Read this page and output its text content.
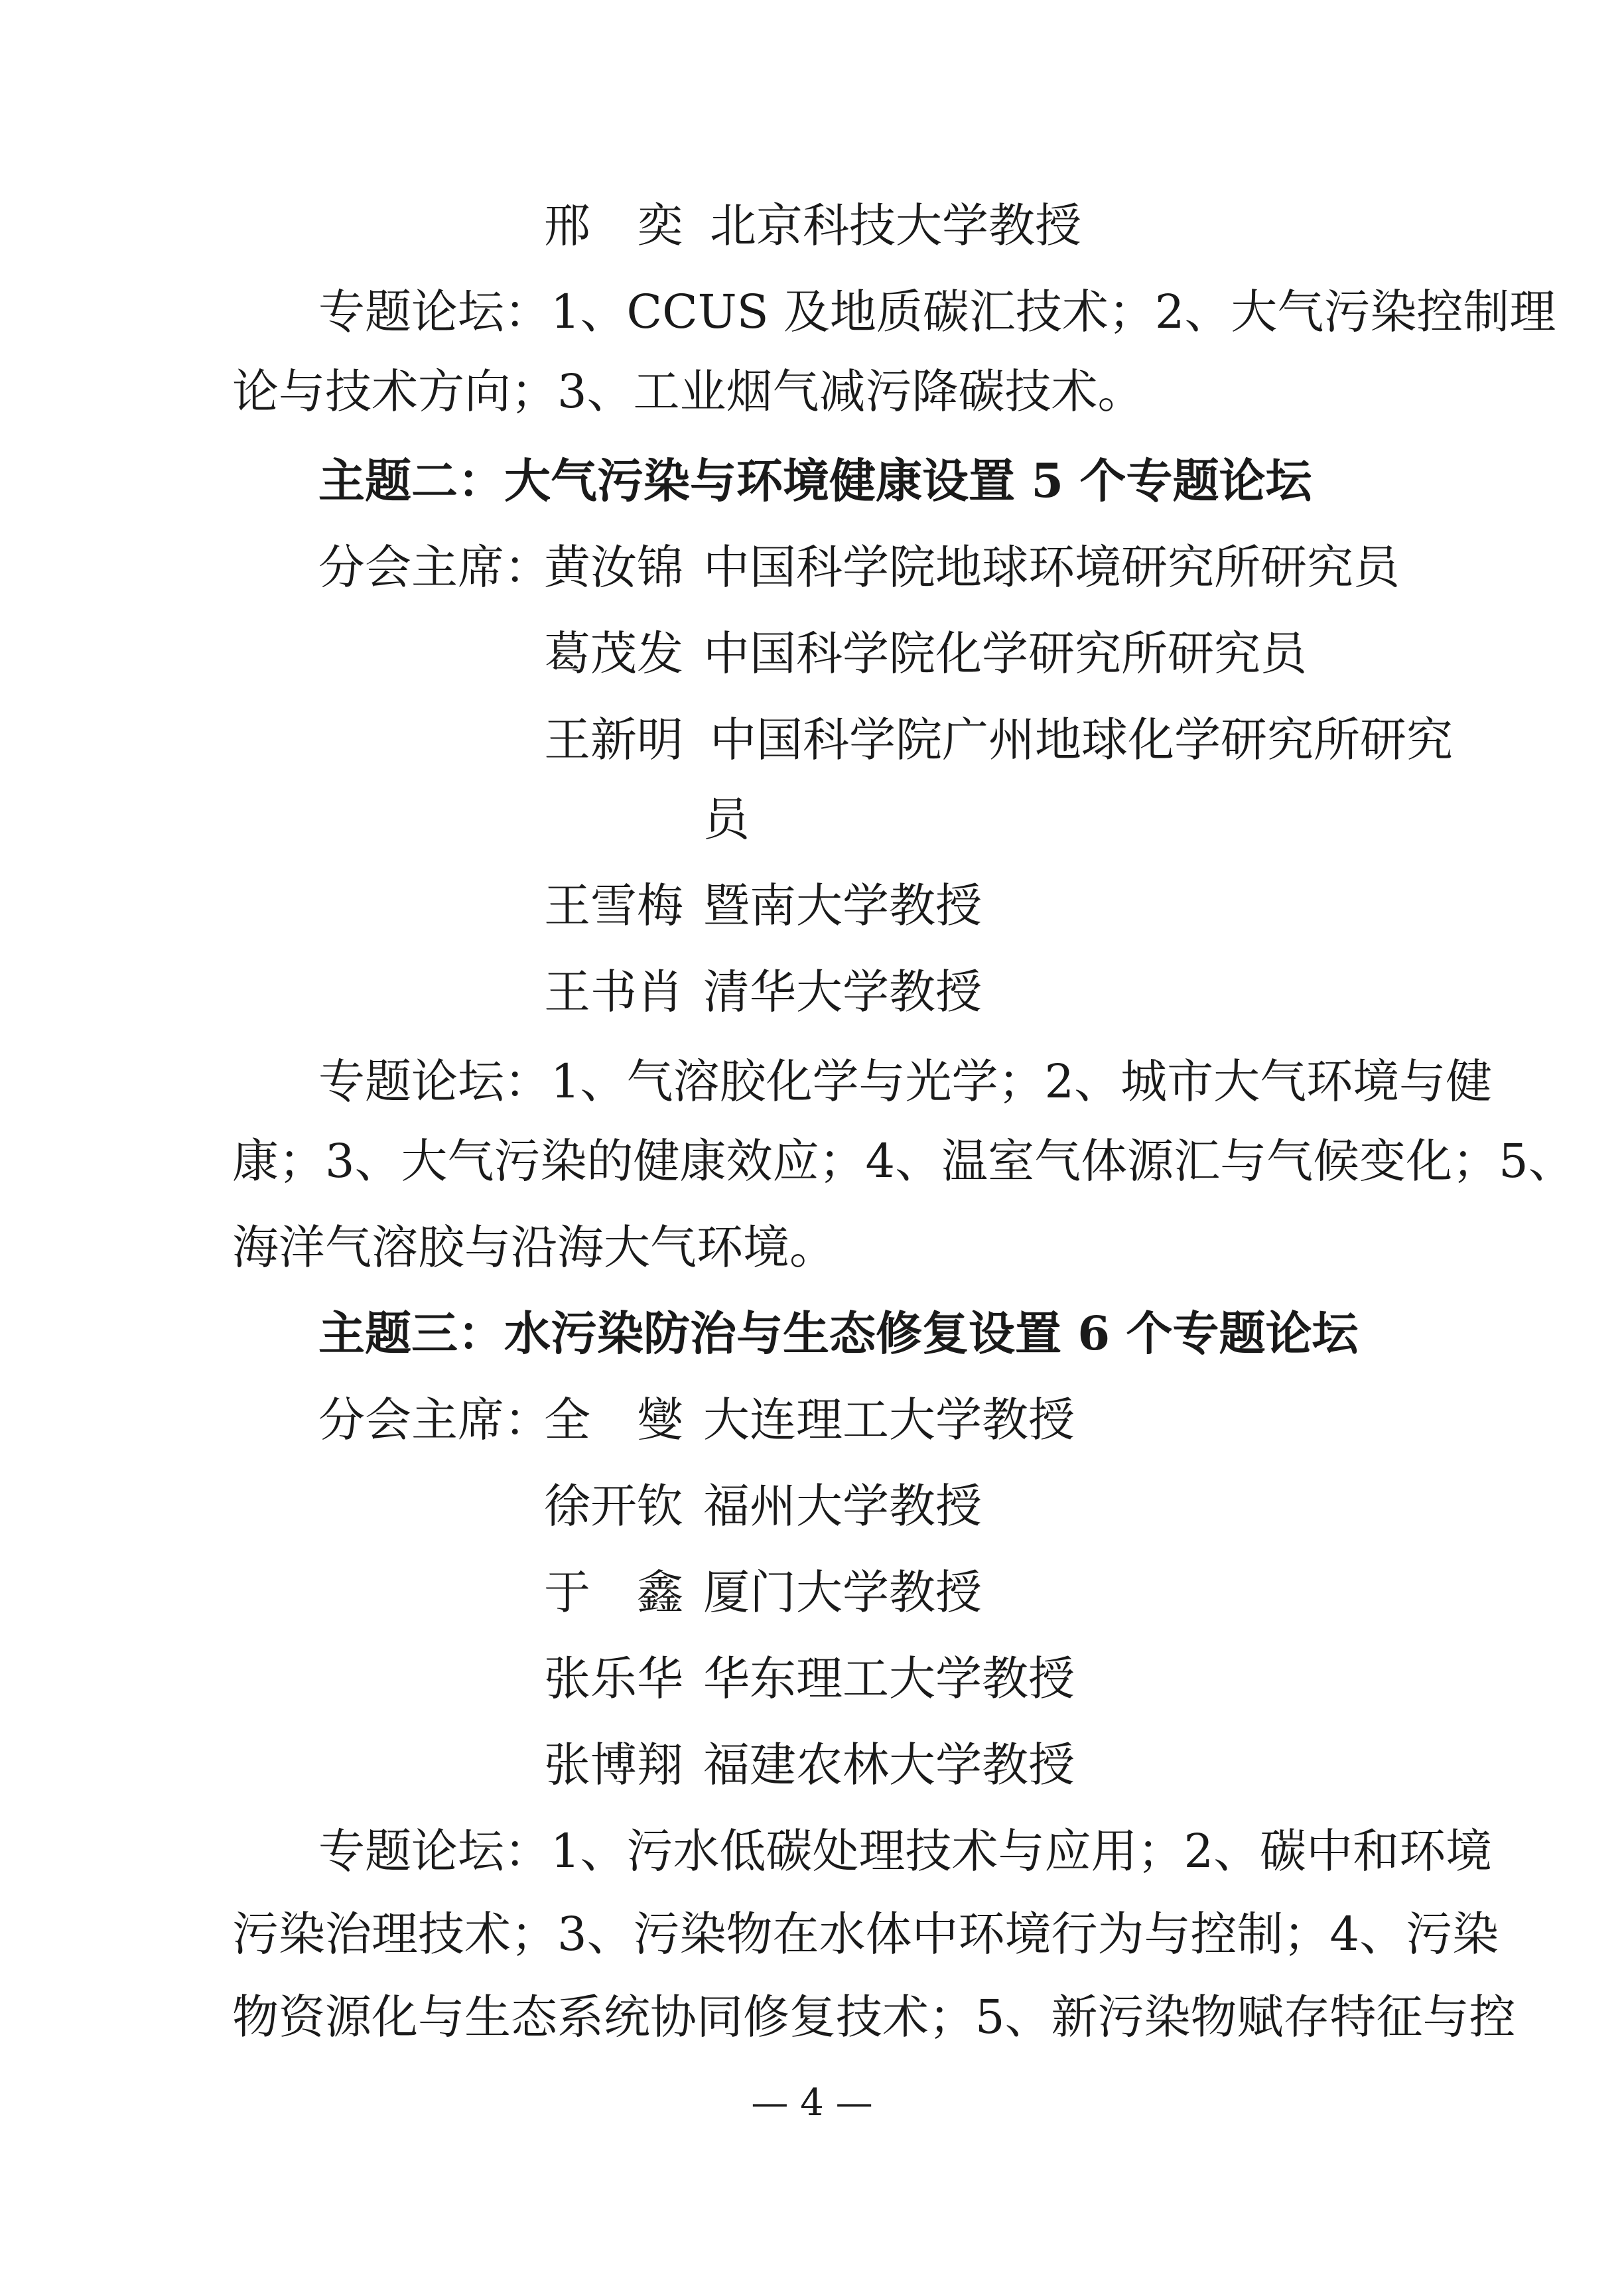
邢　奕 北京科技大学教授
专题论坛：1、CCUS 及地质碳汇技术；2、大气污染控制理
论与技术方向；3、工业烟气减污降碳技术。
主题二：大气污染与环境健康设置 5 个专题论坛
分会主席：
黄汝锦 中国科学院地球环境研究所研究员
葛茂发 中国科学院化学研究所研究员
王新明 中国科学院广州地球化学研究所研究
员
王雪梅 暨南大学教授
王书肖 清华大学教授
专题论坛：1、气溶胶化学与光学；2、城市大气环境与健
康；3、大气污染的健康效应；4、温室气体源汇与气候变化；5、
海洋气溶胶与沿海大气环境。
主题三：水污染防治与生态修复设置 6 个专题论坛
分会主席：
全　燮 大连理工大学教授
徐开钦 福州大学教授
于　鑫 厦门大学教授
张乐华 华东理工大学教授
张博翔 福建农林大学教授
专题论坛：1、污水低碳处理技术与应用；2、碳中和环境
污染治理技术；3、污染物在水体中环境行为与控制；4、污染
物资源化与生态系统协同修复技术；5、新污染物赋存特征与控
— 4 —
